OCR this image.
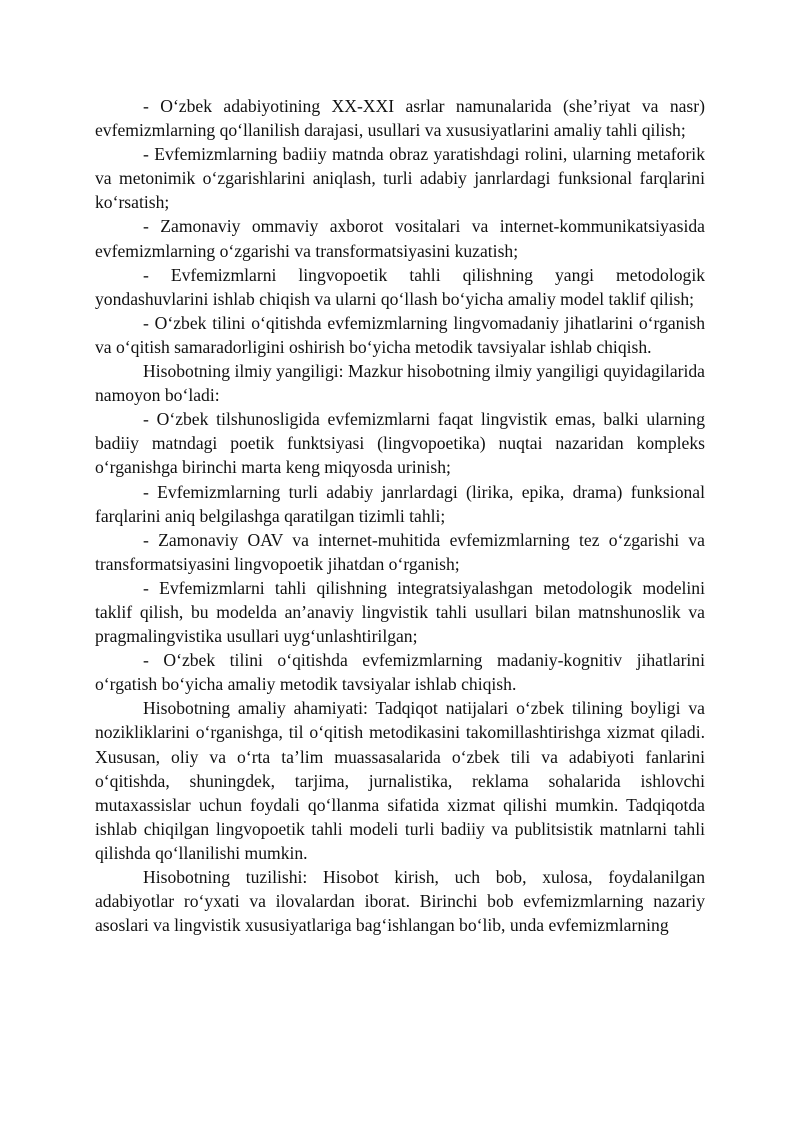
- O‘zbek adabiyotining XX-XXI asrlar namunalarida (she’riyat va nasr) evfemizmlarning qo‘llanilish darajasi, usullari va xususiyatlarini amaliy tahli qilish;

- Evfemizmlarning badiiy matnda obraz yaratishdagi rolini, ularning metaforik va metonimik o‘zgarishlarini aniqlash, turli adabiy janrlardagi funksional farqlarini ko‘rsatish;

- Zamonaviy ommaviy axborot vositalari va internet-kommunikatsiyasida evfemizmlarning o‘zgarishi va transformatsiyasini kuzatish;

- Evfemizmlarni lingvopoetik tahli qilishning yangi metodologik yondashuvlarini ishlab chiqish va ularni qo‘llash bo‘yicha amaliy model taklif qilish;

- O‘zbek tilini o‘qitishda evfemizmlarning lingvomadaniy jihatlarini o‘rganish va o‘qitish samaradorligini oshirish bo‘yicha metodik tavsiyalar ishlab chiqish.

Hisobotning ilmiy yangiligi: Mazkur hisobotning ilmiy yangiligi quyidagilarida namoyon bo‘ladi:

- O‘zbek tilshunosligida evfemizmlarni faqat lingvistik emas, balki ularning badiiy matndagi poetik funktsiyasi (lingvopoetika) nuqtai nazaridan kompleks o‘rganishga birinchi marta keng miqyosda urinish;

- Evfemizmlarning turli adabiy janrlardagi (lirika, epika, drama) funksional farqlarini aniq belgilashga qaratilgan tizimli tahli;

- Zamonaviy OAV va internet-muhitida evfemizmlarning tez o‘zgarishi va transformatsiyasini lingvopoetik jihatdan o‘rganish;

- Evfemizmlarni tahli qilishning integratsiyalashgan metodologik modelini taklif qilish, bu modelda an’anaviy lingvistik tahli usullari bilan matnshunoslik va pragmalingvistika usullari uyg‘unlashtirilgan;

- O‘zbek tilini o‘qitishda evfemizmlarning madaniy-kognitiv jihatlarini o‘rgatish bo‘yicha amaliy metodik tavsiyalar ishlab chiqish.

Hisobotning amaliy ahamiyati: Tadqiqot natijalari o‘zbek tilining boyligi va nozikliklarini o‘rganishga, til o‘qitish metodikasini takomillashtirishga xizmat qiladi. Xususan, oliy va o‘rta ta’lim muassasalarida o‘zbek tili va adabiyoti fanlarini o‘qitishda, shuningdek, tarjima, jurnalistika, reklama sohalarida ishlovchi mutaxassislar uchun foydali qo‘llanma sifatida xizmat qilishi mumkin. Tadqiqotda ishlab chiqilgan lingvopoetik tahli modeli turli badiiy va publitsistik matnlarni tahli qilishda qo‘llanilishi mumkin.

Hisobotning tuzilishi: Hisobot kirish, uch bob, xulosa, foydalanilgan adabiyotlar ro‘yxati va ilovalardan iborat. Birinchi bob evfemizmlarning nazariy asoslari va lingvistik xususiyatlariga bag‘ishlangan bo‘lib, unda evfemizmlarning
